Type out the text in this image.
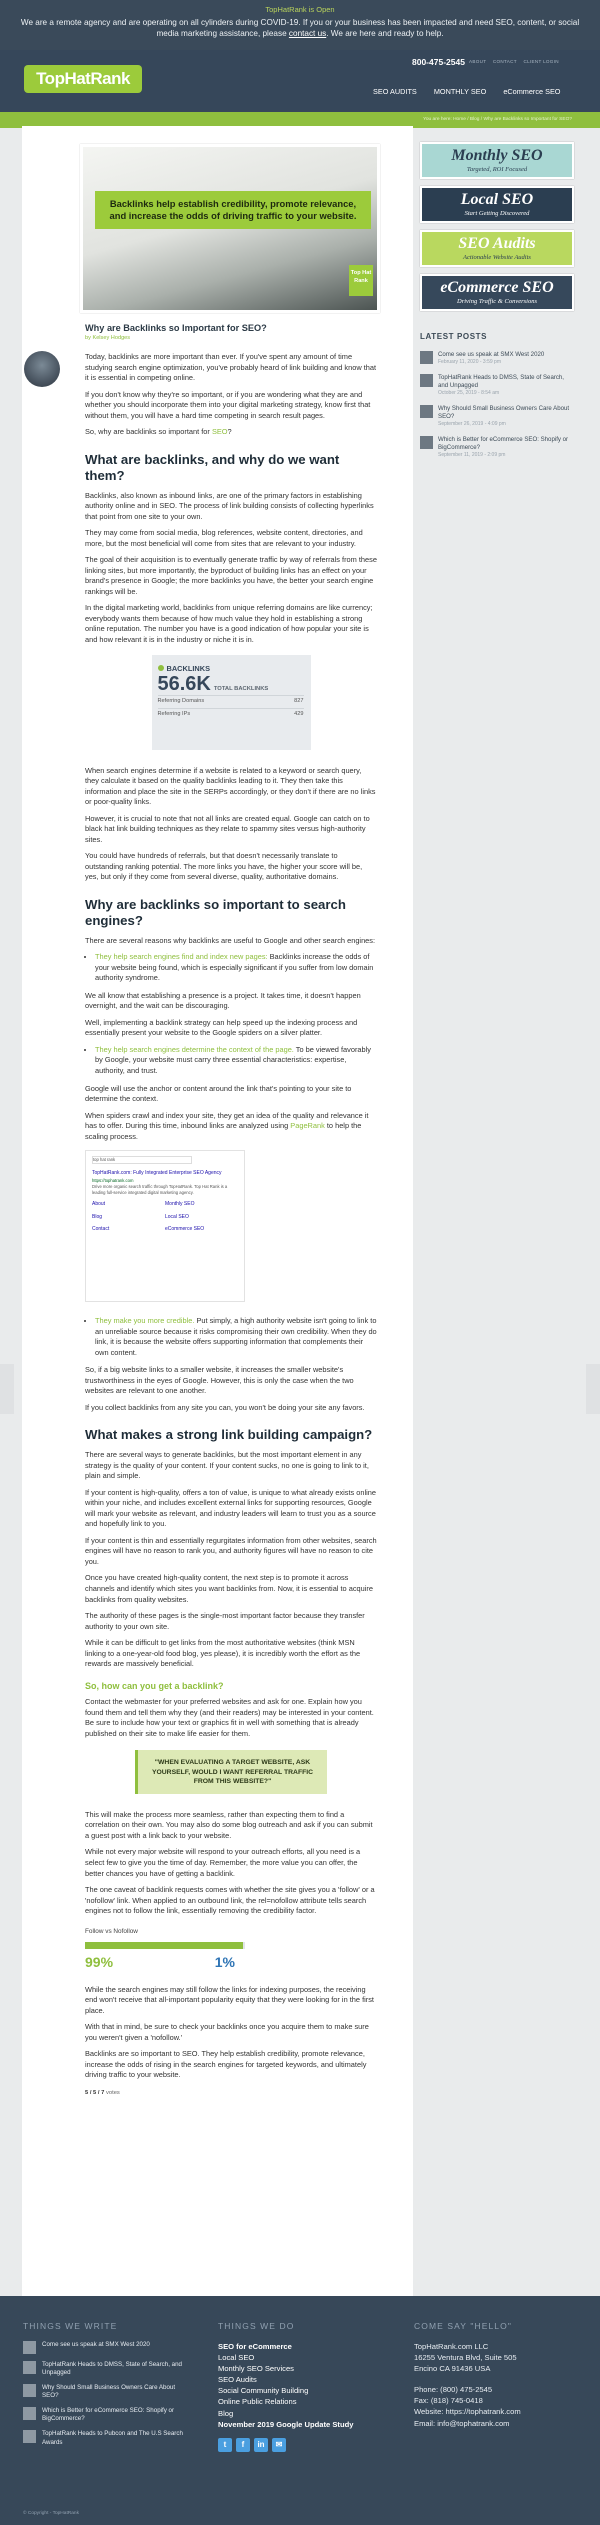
TopHatRank is Open
We are a remote agency and are operating on all cylinders during COVID-19. If you or your business has been impacted and need SEO, content, or social media marketing assistance, please contact us. We are here and ready to help.
TopHatRank
800-475-2545 ABOUT CONTACT CLIENT LOGIN
SEO AUDITS MONTHLY SEO eCommerce SEO
You are here: Home / Blog / Why are Backlinks so Important for SEO?
Backlinks help establish credibility, promote relevance, and increase the odds of driving traffic to your website.
Top Hat Rank
Why are Backlinks so Important for SEO?
by Kelsey Hodges

Today, backlinks are more important than ever. If you've spent any amount of time studying search engine optimization, you've probably heard of link building and know that it is essential in competing online.

If you don't know why they're so important, or if you are wondering what they are and whether you should incorporate them into your digital marketing strategy, know first that without them, you will have a hard time competing in search result pages.

So, why are backlinks so important for SEO?

What are backlinks, and why do we want them?

Backlinks, also known as inbound links, are one of the primary factors in establishing authority online and in SEO. The process of link building consists of collecting hyperlinks that point from one site to your own.

They may come from social media, blog references, website content, directories, and more, but the most beneficial will come from sites that are relevant to your industry.

The goal of their acquisition is to eventually generate traffic by way of referrals from these linking sites, but more importantly, the byproduct of building links has an effect on your brand's presence in Google; the more backlinks you have, the better your search engine rankings will be.

In the digital marketing world, backlinks from unique referring domains are like currency; everybody wants them because of how much value they hold in establishing a strong online reputation. The number you have is a good indication of how popular your site is and how relevant it is in the industry or niche it is in.

BACKLINKS
56.6K TOTAL BACKLINKS
Referring Domains	827
Referring IPs	429

When search engines determine if a website is related to a keyword or search query, they calculate it based on the quality backlinks leading to it. They then take this information and place the site in the SERPs accordingly, or they don't if there are no links or poor-quality links.

However, it is crucial to note that not all links are created equal. Google can catch on to black hat link building techniques as they relate to spammy sites versus high-authority sites.

You could have hundreds of referrals, but that doesn't necessarily translate to outstanding ranking potential. The more links you have, the higher your score will be, yes, but only if they come from several diverse, quality, authoritative domains.

Why are backlinks so important to search engines?

There are several reasons why backlinks are useful to Google and other search engines:

• They help search engines find and index new pages: Backlinks increase the odds of your website being found, which is especially significant if you suffer from low domain authority syndrome.

We all know that establishing a presence is a project. It takes time, it doesn't happen overnight, and the wait can be discouraging.

Well, implementing a backlink strategy can help speed up the indexing process and essentially present your website to the Google spiders on a silver platter.

• They help search engines determine the context of the page. To be viewed favorably by Google, your website must carry three essential characteristics: expertise, authority, and trust.

Google will use the anchor or content around the link that's pointing to your site to determine the context.

When spiders crawl and index your site, they get an idea of the quality and relevance it has to offer. During this time, inbound links are analyzed using PageRank to help the scaling process.

top hat rank
TopHatRank.com: Fully Integrated Enterprise SEO Agency
https://tophatrank.com
Drive more organic search traffic through TopHatRank. Top Hat Rank is a leading full-service integrated digital marketing agency.
About	Monthly SEO
Blog	Local SEO
Contact	eCommerce SEO
• They make you more credible. Put simply, a high authority website isn't going to link to an unreliable source because it risks compromising their own credibility. When they do link, it is because the website offers supporting information that complements their own content.

So, if a big website links to a smaller website, it increases the smaller website's trustworthiness in the eyes of Google. However, this is only the case when the two websites are relevant to one another.

If you collect backlinks from any site you can, you won't be doing your site any favors.

What makes a strong link building campaign?

There are several ways to generate backlinks, but the most important element in any strategy is the quality of your content. If your content sucks, no one is going to link to it, plain and simple.

If your content is high-quality, offers a ton of value, is unique to what already exists online within your niche, and includes excellent external links for supporting resources, Google will mark your website as relevant, and industry leaders will learn to trust you as a source and hopefully link to you.

If your content is thin and essentially regurgitates information from other websites, search engines will have no reason to rank you, and authority figures will have no reason to cite you.

Once you have created high-quality content, the next step is to promote it across channels and identify which sites you want backlinks from. Now, it is essential to acquire backlinks from quality websites.

The authority of these pages is the single-most important factor because they transfer authority to your own site.

While it can be difficult to get links from the most authoritative websites (think MSN linking to a one-year-old food blog, yes please), it is incredibly worth the effort as the rewards are massively beneficial.

So, how can you get a backlink?

Contact the webmaster for your preferred websites and ask for one. Explain how you found them and tell them why they (and their readers) may be interested in your content. Be sure to include how your text or graphics fit in well with something that is already published on their site to make life easier for them.

"WHEN EVALUATING A TARGET WEBSITE, ASK YOURSELF, WOULD I WANT REFERRAL TRAFFIC FROM THIS WEBSITE?"

This will make the process more seamless, rather than expecting them to find a correlation on their own. You may also do some blog outreach and ask if you can submit a guest post with a link back to your website.

While not every major website will respond to your outreach efforts, all you need is a select few to give you the time of day. Remember, the more value you can offer, the better chances you have of getting a backlink.

The one caveat of backlink requests comes with whether the site gives you a 'follow' or a 'nofollow' link. When applied to an outbound link, the rel=nofollow attribute tells search engines not to follow the link, essentially removing the credibility factor.

Follow vs Nofollow
99%	1%

While the search engines may still follow the links for indexing purposes, the receiving end won't receive that all-important popularity equity that they were looking for in the first place.

With that in mind, be sure to check your backlinks once you acquire them to make sure you weren't given a 'nofollow.'

Backlinks are so important to SEO. They help establish credibility, promote relevance, increase the odds of rising in the search engines for targeted keywords, and ultimately driving traffic to your website.

5 / 5 / 7 votes
Monthly SEO
Targeted, ROI Focused
Local SEO
Start Getting Discovered
SEO Audits
Actionable Website Audits
eCommerce SEO
Driving Traffic & Conversions
LATEST POSTS
Come see us speak at SMX West 2020
February 11, 2020 - 3:59 pm
TopHatRank Heads to DMSS, State of Search, and Unpagged
October 25, 2019 - 8:54 am
Why Should Small Business Owners Care About SEO?
September 26, 2019 - 4:09 pm
Which is Better for eCommerce SEO: Shopify or BigCommerce?
September 11, 2019 - 2:09 pm
THINGS WE WRITE
Come see us speak at SMX West 2020
TopHatRank Heads to DMSS, State of Search, and Unpagged
Why Should Small Business Owners Care About SEO?
Which is Better for eCommerce SEO: Shopify or BigCommerce?
TopHatRank Heads to Pubcon and The U.S Search Awards
THINGS WE DO
SEO for eCommerce
Local SEO
Monthly SEO Services
SEO Audits
Social Community Building
Online Public Relations
Blog
November 2019 Google Update Study
t	f	in	✉
COME SAY "HELLO"
TopHatRank.com LLC
16255 Ventura Blvd, Suite 505
Encino CA 91436 USA
Phone: (800) 475-2545
Fax: (818) 745-0418
Website: https://tophatrank.com
Email: info@tophatrank.com
© Copyright - TopHatRank
